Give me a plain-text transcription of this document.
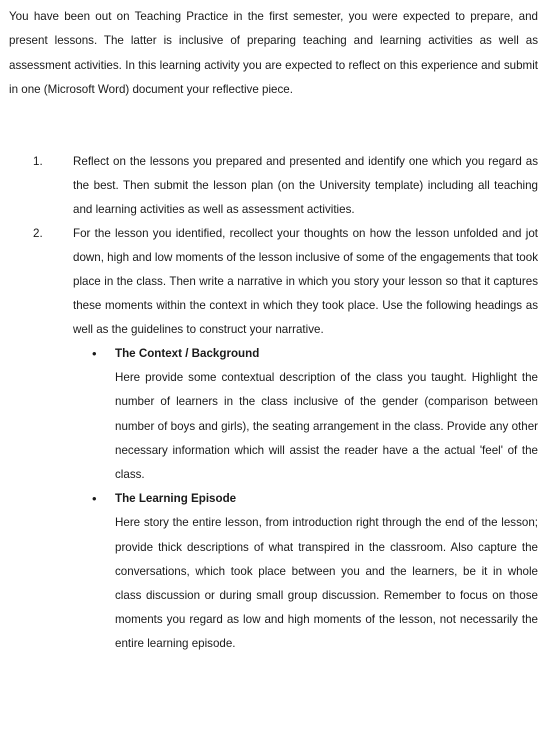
You have been out on Teaching Practice in the first semester, you were expected to prepare, and present lessons. The latter is inclusive of preparing teaching and learning activities as well as assessment activities. In this learning activity you are expected to reflect on this experience and submit in one (Microsoft Word) document your reflective piece.

1.	Reflect on the lessons you prepared and presented and identify one which you regard as the best. Then submit the lesson plan (on the University template) including all teaching and learning activities as well as assessment activities.

2.	For the lesson you identified, recollect your thoughts on how the lesson unfolded and jot down, high and low moments of the lesson inclusive of some of the engagements that took place in the class. Then write a narrative in which you story your lesson so that it captures these moments within the context in which they took place. Use the following headings as well as the guidelines to construct your narrative.

• The Context / Background

Here provide some contextual description of the class you taught. Highlight the number of learners in the class inclusive of the gender (comparison between number of boys and girls), the seating arrangement in the class. Provide any other necessary information which will assist the reader have a the actual 'feel' of the class.

• The Learning Episode

Here story the entire lesson, from introduction right through the end of the lesson; provide thick descriptions of what transpired in the classroom. Also capture the conversations, which took place between you and the learners, be it in whole class discussion or during small group discussion. Remember to focus on those moments you regard as low and high moments of the lesson, not necessarily the entire learning episode.
